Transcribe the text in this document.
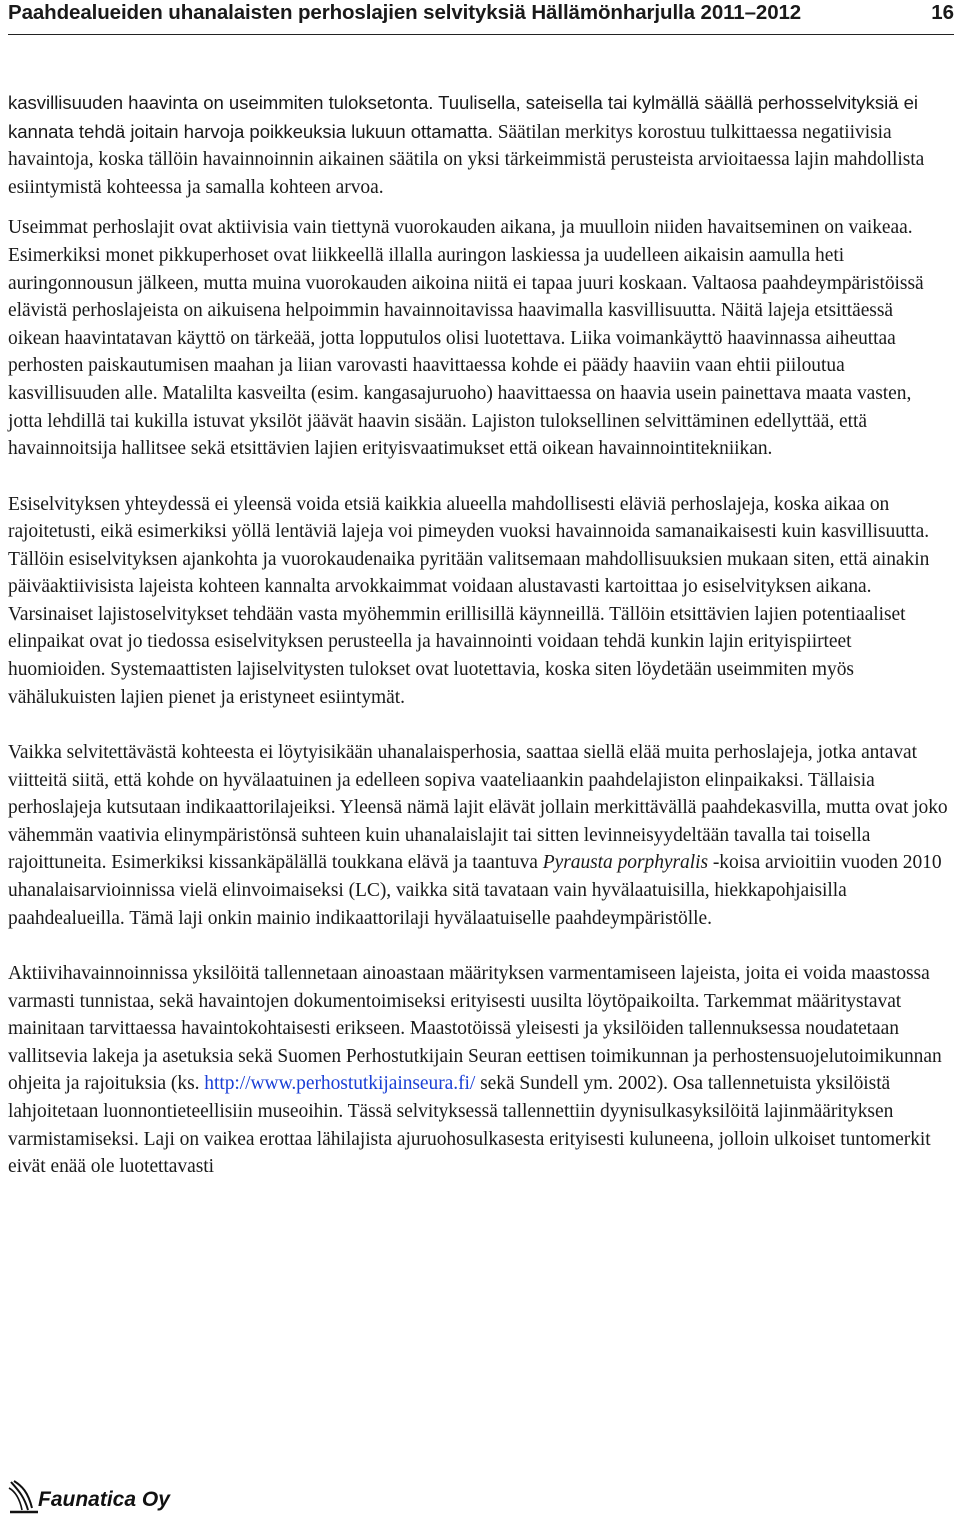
Paahdealueiden uhanalaisten perhoslajien selvityksiä Hällämönharjulla 2011–2012	16

kasvillisuuden haavinta on useimmiten tuloksetonta. Tuulisella, sateisella tai kylmällä säällä perhosselvityksiä ei kannata tehdä joitain harvoja poikkeuksia lukuun ottamatta. Säätilan merkitys korostuu tulkittaessa negatiivisia havaintoja, koska tällöin havainnoinnin aikainen säätila on yksi tärkeimmistä perusteista arvioitaessa lajin mahdollista esiintymistä kohteessa ja samalla kohteen arvoa.

Useimmat perhoslajit ovat aktiivisia vain tiettynä vuorokauden aikana, ja muulloin niiden havaitseminen on vaikeaa. Esimerkiksi monet pikkuperhoset ovat liikkeellä illalla auringon laskiessa ja uudelleen aikaisin aamulla heti auringonnousun jälkeen, mutta muina vuorokauden aikoina niitä ei tapaa juuri koskaan. Valtaosa paahdeympäristöissä elävistä perhoslajeista on aikuisena helpoimmin havainnoitavissa haavimalla kasvillisuutta. Näitä lajeja etsittäessä oikean haavintatavan käyttö on tärkeää, jotta lopputulos olisi luotettava. Liika voimankäyttö haavinnassa aiheuttaa perhosten paiskautumisen maahan ja liian varovasti haavittaessa kohde ei päädy haaviin vaan ehtii piiloutua kasvillisuuden alle. Matalilta kasveilta (esim. kangasajuruoho) haavittaessa on haavia usein painettava maata vasten, jotta lehdillä tai kukilla istuvat yksilöt jäävät haavin sisään. Lajiston tuloksellinen selvittäminen edellyttää, että havainnoitsija hallitsee sekä etsittävien lajien erityisvaatimukset että oikean havainnointitekniikan.

Esiselvityksen yhteydessä ei yleensä voida etsiä kaikkia alueella mahdollisesti eläviä perhoslajeja, koska aikaa on rajoitetusti, eikä esimerkiksi yöllä lentäviä lajeja voi pimeyden vuoksi havainnoida samanaikaisesti kuin kasvillisuutta. Tällöin esiselvityksen ajankohta ja vuorokaudenaika pyritään valitsemaan mahdollisuuksien mukaan siten, että ainakin päiväaktiivisista lajeista kohteen kannalta arvokkaimmat voidaan alustavasti kartoittaa jo esiselvityksen aikana. Varsinaiset lajistoselvitykset tehdään vasta myöhemmin erillisillä käynneillä. Tällöin etsittävien lajien potentiaaliset elinpaikat ovat jo tiedossa esiselvityksen perusteella ja havainnointi voidaan tehdä kunkin lajin erityispiirteet huomioiden. Systemaattisten lajiselvitysten tulokset ovat luotettavia, koska siten löydetään useimmiten myös vähälukuisten lajien pienet ja eristyneet esiintymät.

Vaikka selvitettävästä kohteesta ei löytyisikään uhanalaisperhosia, saattaa siellä elää muita perhoslajeja, jotka antavat viitteitä siitä, että kohde on hyvälaatuinen ja edelleen sopiva vaateliaankin paahdelajiston elinpaikaksi. Tällaisia perhoslajeja kutsutaan indikaattorilajeiksi. Yleensä nämä lajit elävät jollain merkittävällä paahdekasvilla, mutta ovat joko vähemmän vaativia elinympäristönsä suhteen kuin uhanalaislajit tai sitten levinneisyydeltään tavalla tai toisella rajoittuneita. Esimerkiksi kissankäpälällä toukkana elävä ja taantuva Pyrausta porphyralis -koisa arvioitiin vuoden 2010 uhanalaisarvioinnissa vielä elinvoimaiseksi (LC), vaikka sitä tavataan vain hyvälaatuisilla, hiekkapohjaisilla paahdealueilla. Tämä laji onkin mainio indikaattorilaji hyvälaatuiselle paahdeympäristölle.

Aktiivihavainnoinnissa yksilöitä tallennetaan ainoastaan määrityksen varmentamiseen lajeista, joita ei voida maastossa varmasti tunnistaa, sekä havaintojen dokumentoimiseksi erityisesti uusilta löytöpaikoilta. Tarkemmat määritystavat mainitaan tarvittaessa havaintokohtaisesti erikseen. Maastotöissä yleisesti ja yksilöiden tallennuksessa noudatetaan vallitsevia lakeja ja asetuksia sekä Suomen Perhostutkijain Seuran eettisen toimikunnan ja perhostensuojelutoimikunnan ohjeita ja rajoituksia (ks. http://www.perhostutkijainseura.fi/ sekä Sundell ym. 2002). Osa tallennetuista yksilöistä lahjoitetaan luonnontieteellisiin museoihin. Tässä selvityksessä tallennettiin dyynisulkasyksilöitä lajinmäärityksen varmistamiseksi. Laji on vaikea erottaa lähilajista ajuruohosulkasesta erityisesti kuluneena, jolloin ulkoiset tuntomerkit eivät enää ole luotettavasti

Faunatica Oy
